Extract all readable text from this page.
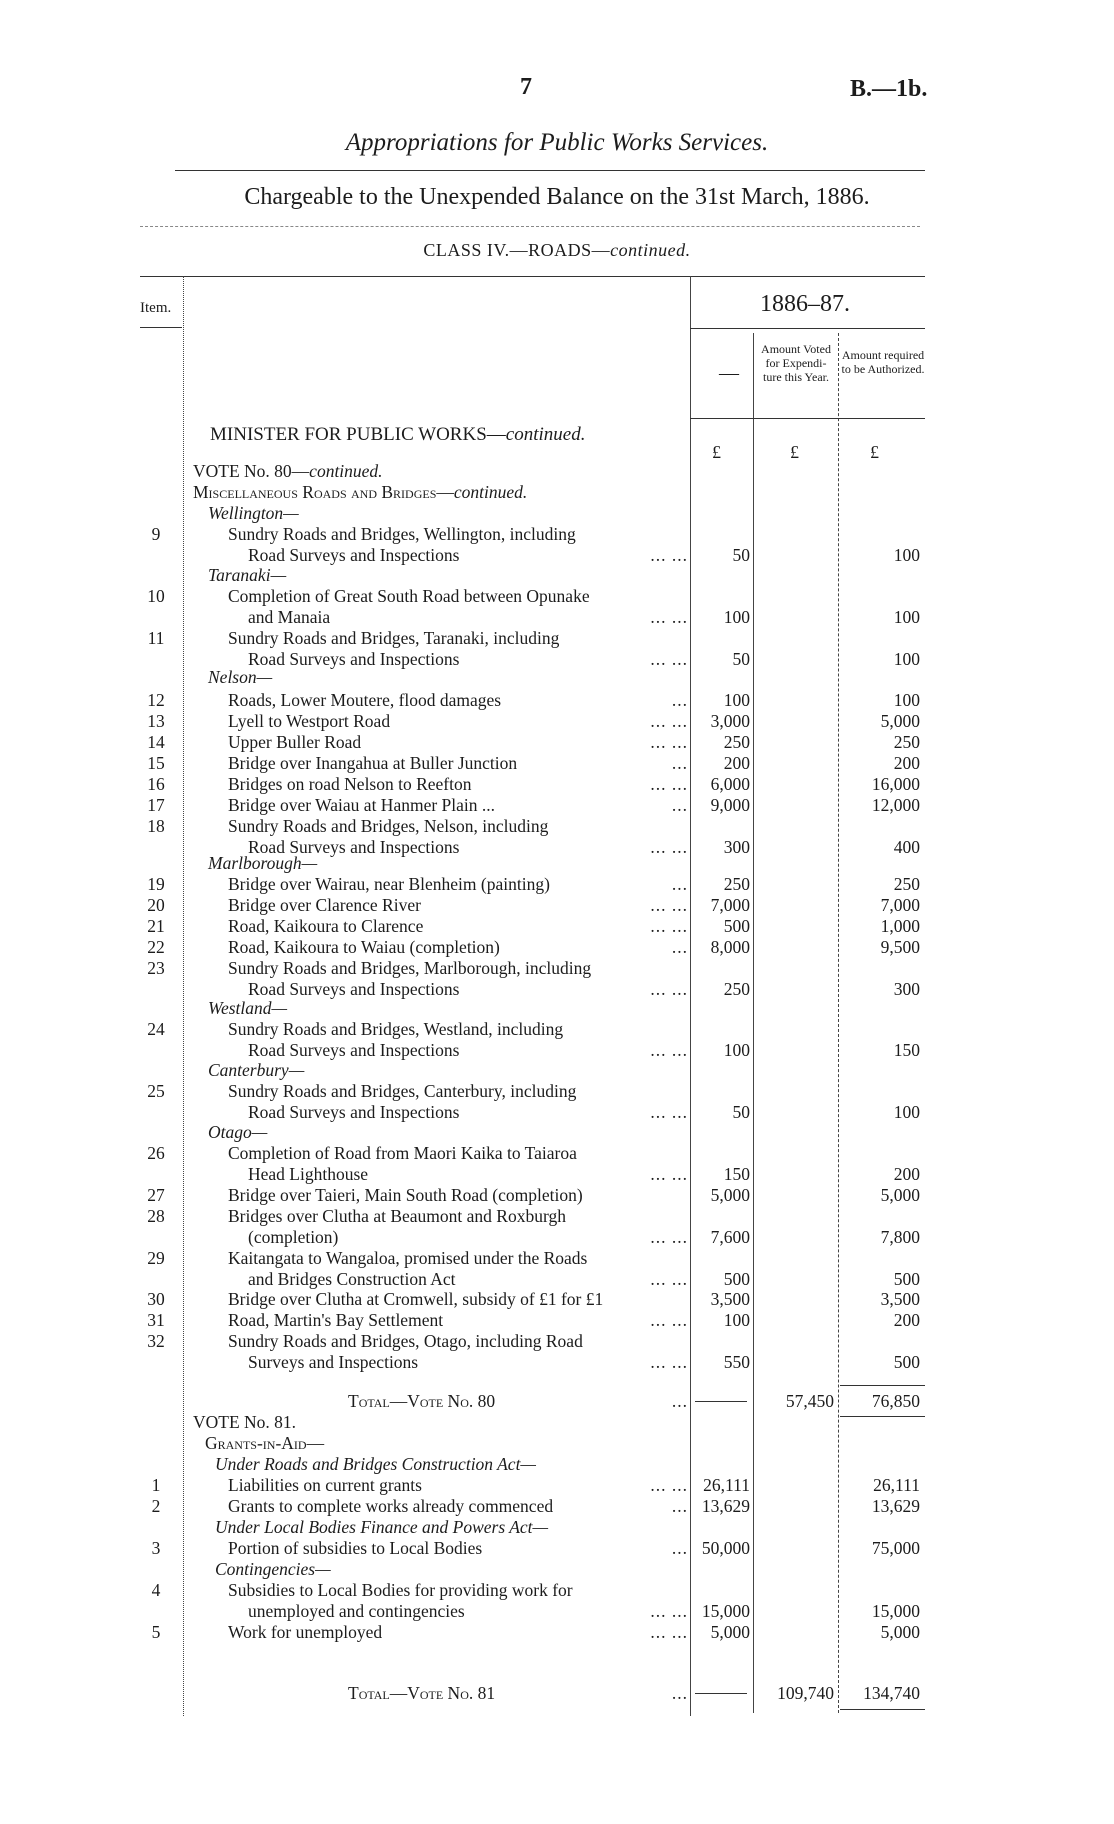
7	B.—1b.
Appropriations for Public Works Services.
Chargeable to the Unexpended Balance on the 31st March, 1886.
CLASS IV.—ROADS—continued.
Item.	1886–87.
—
Amount Voted for Expendi-ture this Year.
Amount required to be Authorized.
£	£	£
MINISTER FOR PUBLIC WORKS—continued.
VOTE No. 80—continued.
Miscellaneous Roads and Bridges—continued.
Wellington—
Taranaki—
Nelson—
Marlborough—
Westland—
Canterbury—
Otago—
9	Sundry Roads and Bridges, Wellington, including
Road Surveys and Inspections	... ...	50	100
10	Completion of Great South Road between Opunake
and Manaia	... ...	100	100
11	Sundry Roads and Bridges, Taranaki, including
Road Surveys and Inspections	... ...	50	100
12	Roads, Lower Moutere, flood damages	...	100	100
13	Lyell to Westport Road	... ...	3,000	5,000
14	Upper Buller Road	... ...	250	250
15	Bridge over Inangahua at Buller Junction	...	200	200
16	Bridges on road Nelson to Reefton	... ...	6,000	16,000
17	Bridge over Waiau at Hanmer Plain ...	...	9,000	12,000
18	Sundry Roads and Bridges, Nelson, including
Road Surveys and Inspections	... ...	300	400
19	Bridge over Wairau, near Blenheim (painting)	...	250	250
20	Bridge over Clarence River	... ...	7,000	7,000
21	Road, Kaikoura to Clarence	... ...	500	1,000
22	Road, Kaikoura to Waiau (completion)	...	8,000	9,500
23	Sundry Roads and Bridges, Marlborough, including
Road Surveys and Inspections	... ...	250	300
24	Sundry Roads and Bridges, Westland, including
Road Surveys and Inspections	... ...	100	150
25	Sundry Roads and Bridges, Canterbury, including
Road Surveys and Inspections	... ...	50	100
26	Completion of Road from Maori Kaika to Taiaroa
Head Lighthouse	... ...	150	200
27	Bridge over Taieri, Main South Road (completion)	5,000	5,000
28	Bridges over Clutha at Beaumont and Roxburgh
(completion)	... ...	7,600	7,800
29	Kaitangata to Wangaloa, promised under the Roads
and Bridges Construction Act	... ...	500	500
30	Bridge over Clutha at Cromwell, subsidy of £1 for £1	3,500	3,500
31	Road, Martin's Bay Settlement	... ...	100	200
32	Sundry Roads and Bridges, Otago, including Road
Surveys and Inspections	... ...	550	500
Total—Vote No. 80	...	57,450	76,850
VOTE No. 81.
Grants-in-Aid—
Under Roads and Bridges Construction Act—
Under Local Bodies Finance and Powers Act—
Contingencies—
1	Liabilities on current grants	... ... 26,111	26,111
2	Grants to complete works already commenced	... 13,629	13,629
3	Portion of subsidies to Local Bodies	... 50,000	75,000
4	Subsidies to Local Bodies for providing work for
unemployed and contingencies	... ... 15,000	15,000
5	Work for unemployed	... ...	5,000	5,000
Total—Vote No. 81	...	109,740	134,740
